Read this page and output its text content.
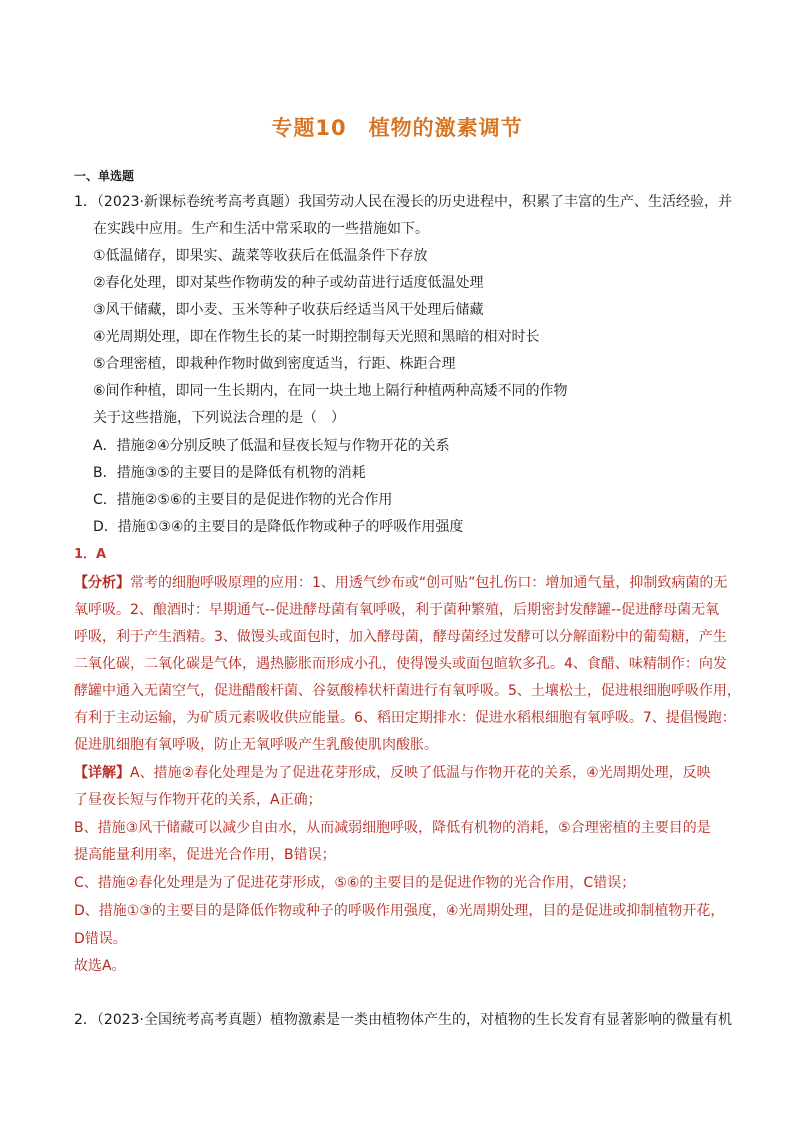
专题10　植物的激素调节
一、单选题
1．（2023·新课标卷统考高考真题）我国劳动人民在漫长的历史进程中，积累了丰富的生产、生活经验，并
在实践中应用。生产和生活中常采取的一些措施如下。
①低温储存，即果实、蔬菜等收获后在低温条件下存放
②春化处理，即对某些作物萌发的种子或幼苗进行适度低温处理
③风干储藏，即小麦、玉米等种子收获后经适当风干处理后储藏
④光周期处理，即在作物生长的某一时期控制每天光照和黑暗的相对时长
⑤合理密植，即栽种作物时做到密度适当，行距、株距合理
⑥间作种植，即同一生长期内，在同一块土地上隔行种植两种高矮不同的作物
关于这些措施，下列说法合理的是（　）
A．措施②④分别反映了低温和昼夜长短与作物开花的关系
B．措施③⑤的主要目的是降低有机物的消耗
C．措施②⑤⑥的主要目的是促进作物的光合作用
D．措施①③④的主要目的是降低作物或种子的呼吸作用强度
1．A
【分析】常考的细胞呼吸原理的应用：1、用透气纱布或“创可贴”包扎伤口：增加通气量，抑制致病菌的无
氧呼吸。2、酿酒时：早期通气--促进酵母菌有氧呼吸，利于菌种繁殖，后期密封发酵罐--促进酵母菌无氧
呼吸，利于产生酒精。3、做馒头或面包时，加入酵母菌，酵母菌经过发酵可以分解面粉中的葡萄糖，产生
二氧化碳，二氧化碳是气体，遇热膨胀而形成小孔，使得馒头或面包暄软多孔。4、食醋、味精制作：向发
酵罐中通入无菌空气，促进醋酸杆菌、谷氨酸棒状杆菌进行有氧呼吸。5、土壤松土，促进根细胞呼吸作用，
有利于主动运输，为矿质元素吸收供应能量。6、稻田定期排水：促进水稻根细胞有氧呼吸。7、提倡慢跑：
促进肌细胞有氧呼吸，防止无氧呼吸产生乳酸使肌肉酸胀。
【详解】A、措施②春化处理是为了促进花芽形成，反映了低温与作物开花的关系，④光周期处理，反映
了昼夜长短与作物开花的关系，A正确；
B、措施③风干储藏可以减少自由水，从而减弱细胞呼吸，降低有机物的消耗，⑤合理密植的主要目的是
提高能量利用率，促进光合作用，B错误；
C、措施②春化处理是为了促进花芽形成，⑤⑥的主要目的是促进作物的光合作用，C错误；
D、措施①③的主要目的是降低作物或种子的呼吸作用强度，④光周期处理，目的是促进或抑制植物开花，
D错误。
故选A。
2．（2023·全国统考高考真题）植物激素是一类由植物体产生的，对植物的生长发育有显著影响的微量有机
